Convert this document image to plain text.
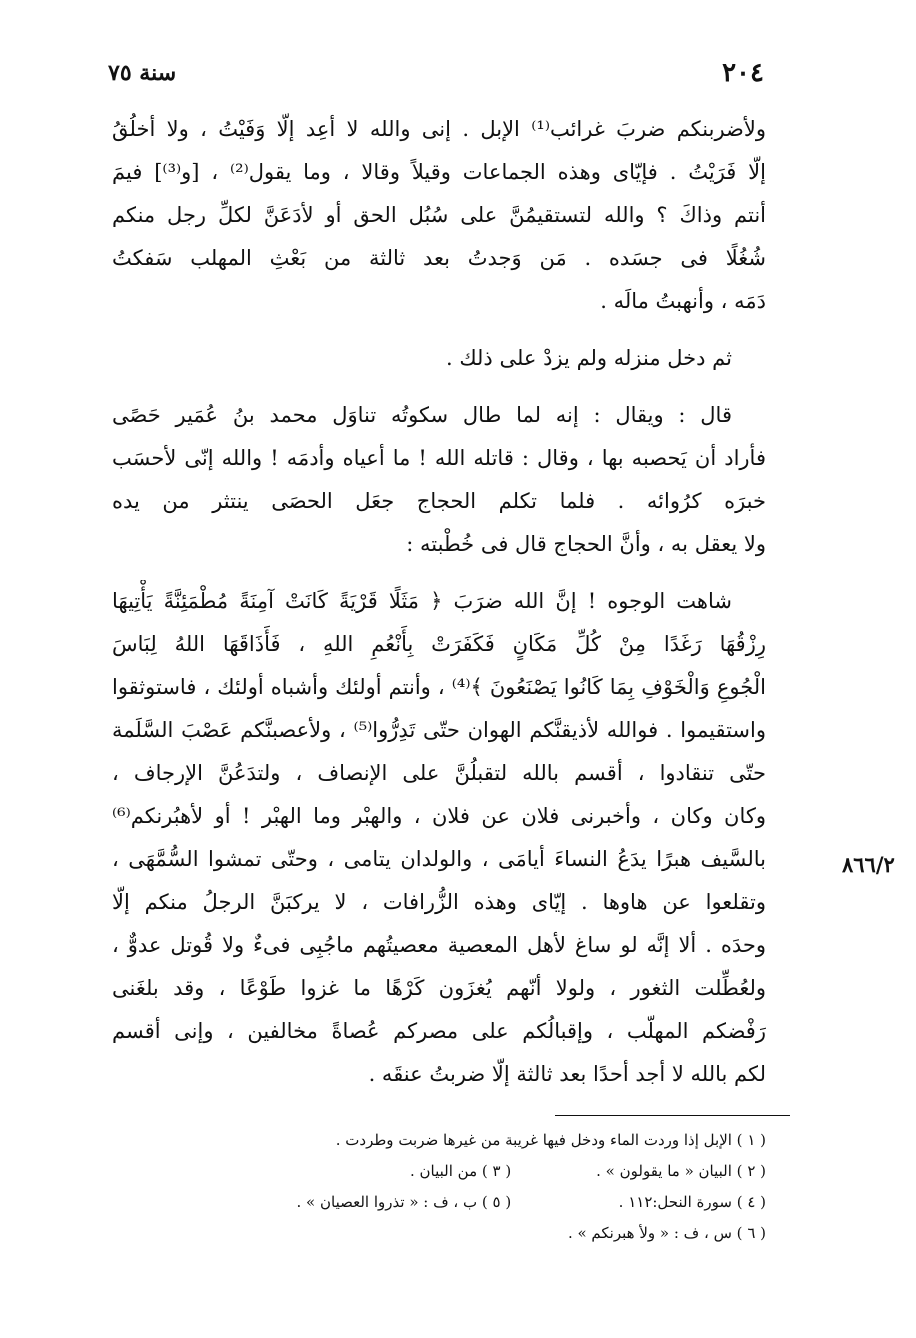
٢٠٤
سنة ٧٥
ولأضربنكم ضربَ غرائب⁽¹⁾ الإبل . إنى والله لا أعِد إلّا وَفَيْتُ ، ولا أخلُقُ
إلّا فَرَيْتُ . فإيّاى وهذه الجماعات وقيلاً وقالا ، وما يقول⁽²⁾ ، [و⁽³⁾] فيمَ
أنتم وذاكَ ؟ والله لتستقيمُنَّ على سُبُل الحق أو لأدَعَنَّ لكلِّ رجل منكم
شُغُلًا فى جسَده . مَن وَجدتُ بعد ثالثة من بَعْثِ المهلب سَفكتُ
دَمَه ، وأنهبتُ مالَه .
ثم دخل منزله ولم يزدْ على ذلك .
قال : ويقال : إنه لما طال سكوتُه تناوَل محمد بنُ عُمَير حَصًى
فأراد أن يَحصبه بها ، وقال : قاتله الله ! ما أعياه وأدمَه ! والله إنّى لأحسَب
خبرَه كرُوائه . فلما تكلم الحجاج جعَل الحصَى ينتثر من يده
ولا يعقل به ، وأنَّ الحجاج قال فى خُطْبته :
شاهت الوجوه ! إنَّ الله ضرَبَ ﴿ مَثَلًا قَرْيَةً كَانَتْ آمِنَةً مُطْمَئِنَّةً يَأْتِيهَا
رِزْقُهَا رَغَدًا مِنْ كُلِّ مَكَانٍ فَكَفَرَتْ بِأَنْعُمِ اللهِ ، فَأَذَاقَهَا اللهُ لِبَاسَ
الْجُوعِ وَالْخَوْفِ بِمَا كَانُوا يَصْنَعُونَ ﴾⁽⁴⁾ ، وأنتم أولئك وأشباه أولئك ، فاستوثقوا
واستقيموا . فوالله لأذيقنَّكم الهوان حتّى تَدِرُّوا⁽⁵⁾ ، ولأعصبنَّكم عَصْبَ السَّلَمة
حتّى تنقادوا ، أقسم بالله لتقبلُنَّ على الإنصاف ، ولتدَعُنَّ الإرجاف ،
وكان وكان ، وأخبرنى فلان عن فلان ، والهبْر وما الهبْر ! أو لأهبُرنكم⁽⁶⁾
بالسَّيف هبرًا يدَعُ النساءَ أيامَى ، والولدان يتامى ، وحتّى تمشوا السُّمَّهَى ،
وتقلعوا عن هاوها . إيّاى وهذه الزُّرافات ، لا يركبَنَّ الرجلُ منكم إلّا
وحدَه . ألا إنَّه لو ساغ لأهل المعصية معصيتُهم ماجُبِى فىءٌ ولا قُوتل عدوٌّ ،
ولعُطِّلت الثغور ، ولولا أنّهم يُغزَون كَرْهًا ما غزوا طَوْعًا ، وقد بلغَنى
رَفْضكم المهلّب ، وإقبالُكم على مصركم عُصاةً مخالفين ، وإنى أقسم
لكم بالله لا أجد أحدًا بعد ثالثة إلّا ضربتُ عنقَه .
٨٦٦/٢
( ١ ) الإبل إذا وردت الماء ودخل فيها غريبة من غيرها ضربت وطردت .
( ٢ ) البيان « ما يقولون » . ( ٣ ) من البيان .
( ٤ ) سورة النحل:١١٢ . ( ٥ ) ب ، ف : « تذروا العصيان » .
( ٦ ) س ، ف : « ولأ هبرنكم » .
